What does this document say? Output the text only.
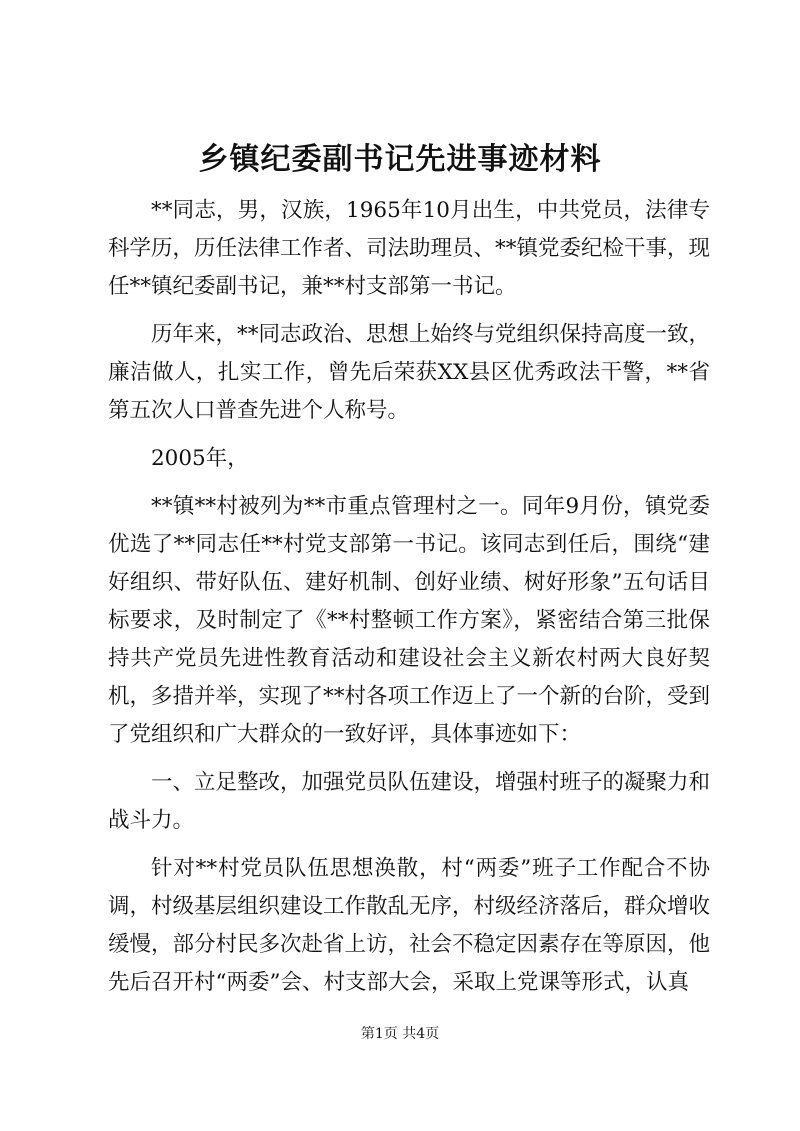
乡镇纪委副书记先进事迹材料

**同志，男，汉族，1965年10月出生，中共党员，法律专科学历，历任法律工作者、司法助理员、**镇党委纪检干事，现任**镇纪委副书记，兼**村支部第一书记。

历年来，**同志政治、思想上始终与党组织保持高度一致，廉洁做人，扎实工作，曾先后荣获XX县区优秀政法干警，**省第五次人口普查先进个人称号。

2005年，

**镇**村被列为**市重点管理村之一。同年9月份，镇党委优选了**同志任**村党支部第一书记。该同志到任后，围绕“建好组织、带好队伍、建好机制、创好业绩、树好形象”五句话目标要求，及时制定了《**村整顿工作方案》，紧密结合第三批保持共产党员先进性教育活动和建设社会主义新农村两大良好契机，多措并举，实现了**村各项工作迈上了一个新的台阶，受到了党组织和广大群众的一致好评，具体事迹如下：

一、立足整改，加强党员队伍建设，增强村班子的凝聚力和战斗力。

针对**村党员队伍思想涣散，村“两委”班子工作配合不协调，村级基层组织建设工作散乱无序，村级经济落后，群众增收缓慢，部分村民多次赴省上访，社会不稳定因素存在等原因，他先后召开村“两委”会、村支部大会，采取上党课等形式，认真

第1页 共4页
